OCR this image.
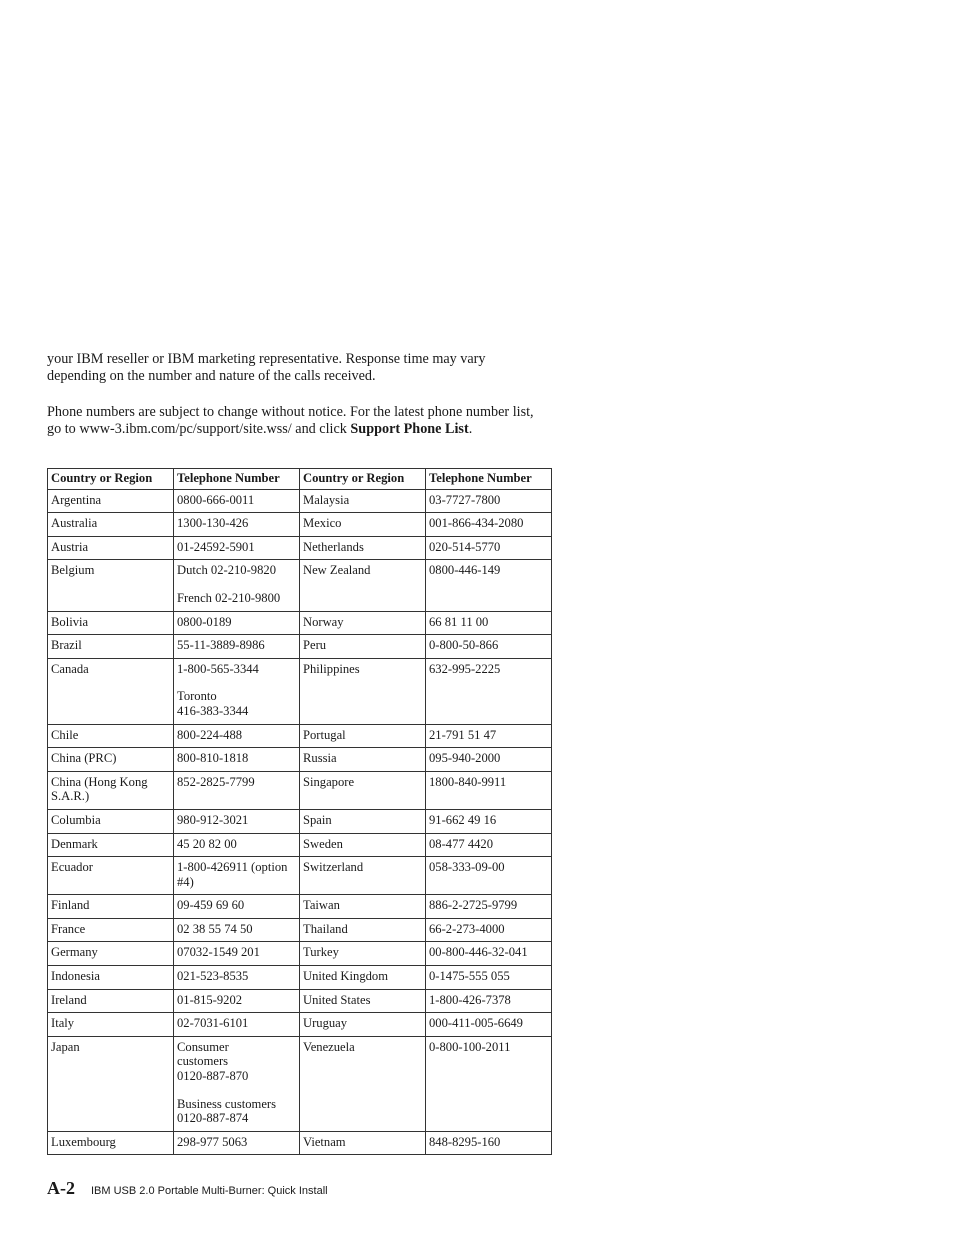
your IBM reseller or IBM marketing representative. Response time may vary depending on the number and nature of the calls received.

Phone numbers are subject to change without notice. For the latest phone number list, go to www-3.ibm.com/pc/support/site.wss/ and click Support Phone List.

Country or Region	Telephone Number	Country or Region	Telephone Number

Argentina	0800-666-0011	Malaysia	03-7727-7800

Australia	1300-130-426	Mexico	001-866-434-2080

Austria	01-24592-5901	Netherlands	020-514-5770

Belgium	Dutch 02-210-9820
French 02-210-9800	New Zealand	0800-446-149

Bolivia	0800-0189	Norway	66 81 11 00

Brazil	55-11-3889-8986	Peru	0-800-50-866

Canada	1-800-565-3344
Toronto
416-383-3344	Philippines	632-995-2225

Chile	800-224-488	Portugal	21-791 51 47

China (PRC)	800-810-1818	Russia	095-940-2000

China (Hong Kong
S.A.R.)	852-2825-7799	Singapore	1800-840-9911

Columbia	980-912-3021	Spain	91-662 49 16

Denmark	45 20 82 00	Sweden	08-477 4420

Ecuador	1-800-426911 (option
#4)	Switzerland	058-333-09-00

Finland	09-459 69 60	Taiwan	886-2-2725-9799

France	02 38 55 74 50	Thailand	66-2-273-4000

Germany	07032-1549 201	Turkey	00-800-446-32-041

Indonesia	021-523-8535	United Kingdom	0-1475-555 055

Ireland	01-815-9202	United States	1-800-426-7378

Italy	02-7031-6101	Uruguay	000-411-005-6649

Japan	Consumer
customers
0120-887-870
Business customers
0120-887-874	Venezuela	0-800-100-2011

Luxembourg	298-977 5063	Vietnam	848-8295-160
A-2 IBM USB 2.0 Portable Multi-Burner: Quick Install
